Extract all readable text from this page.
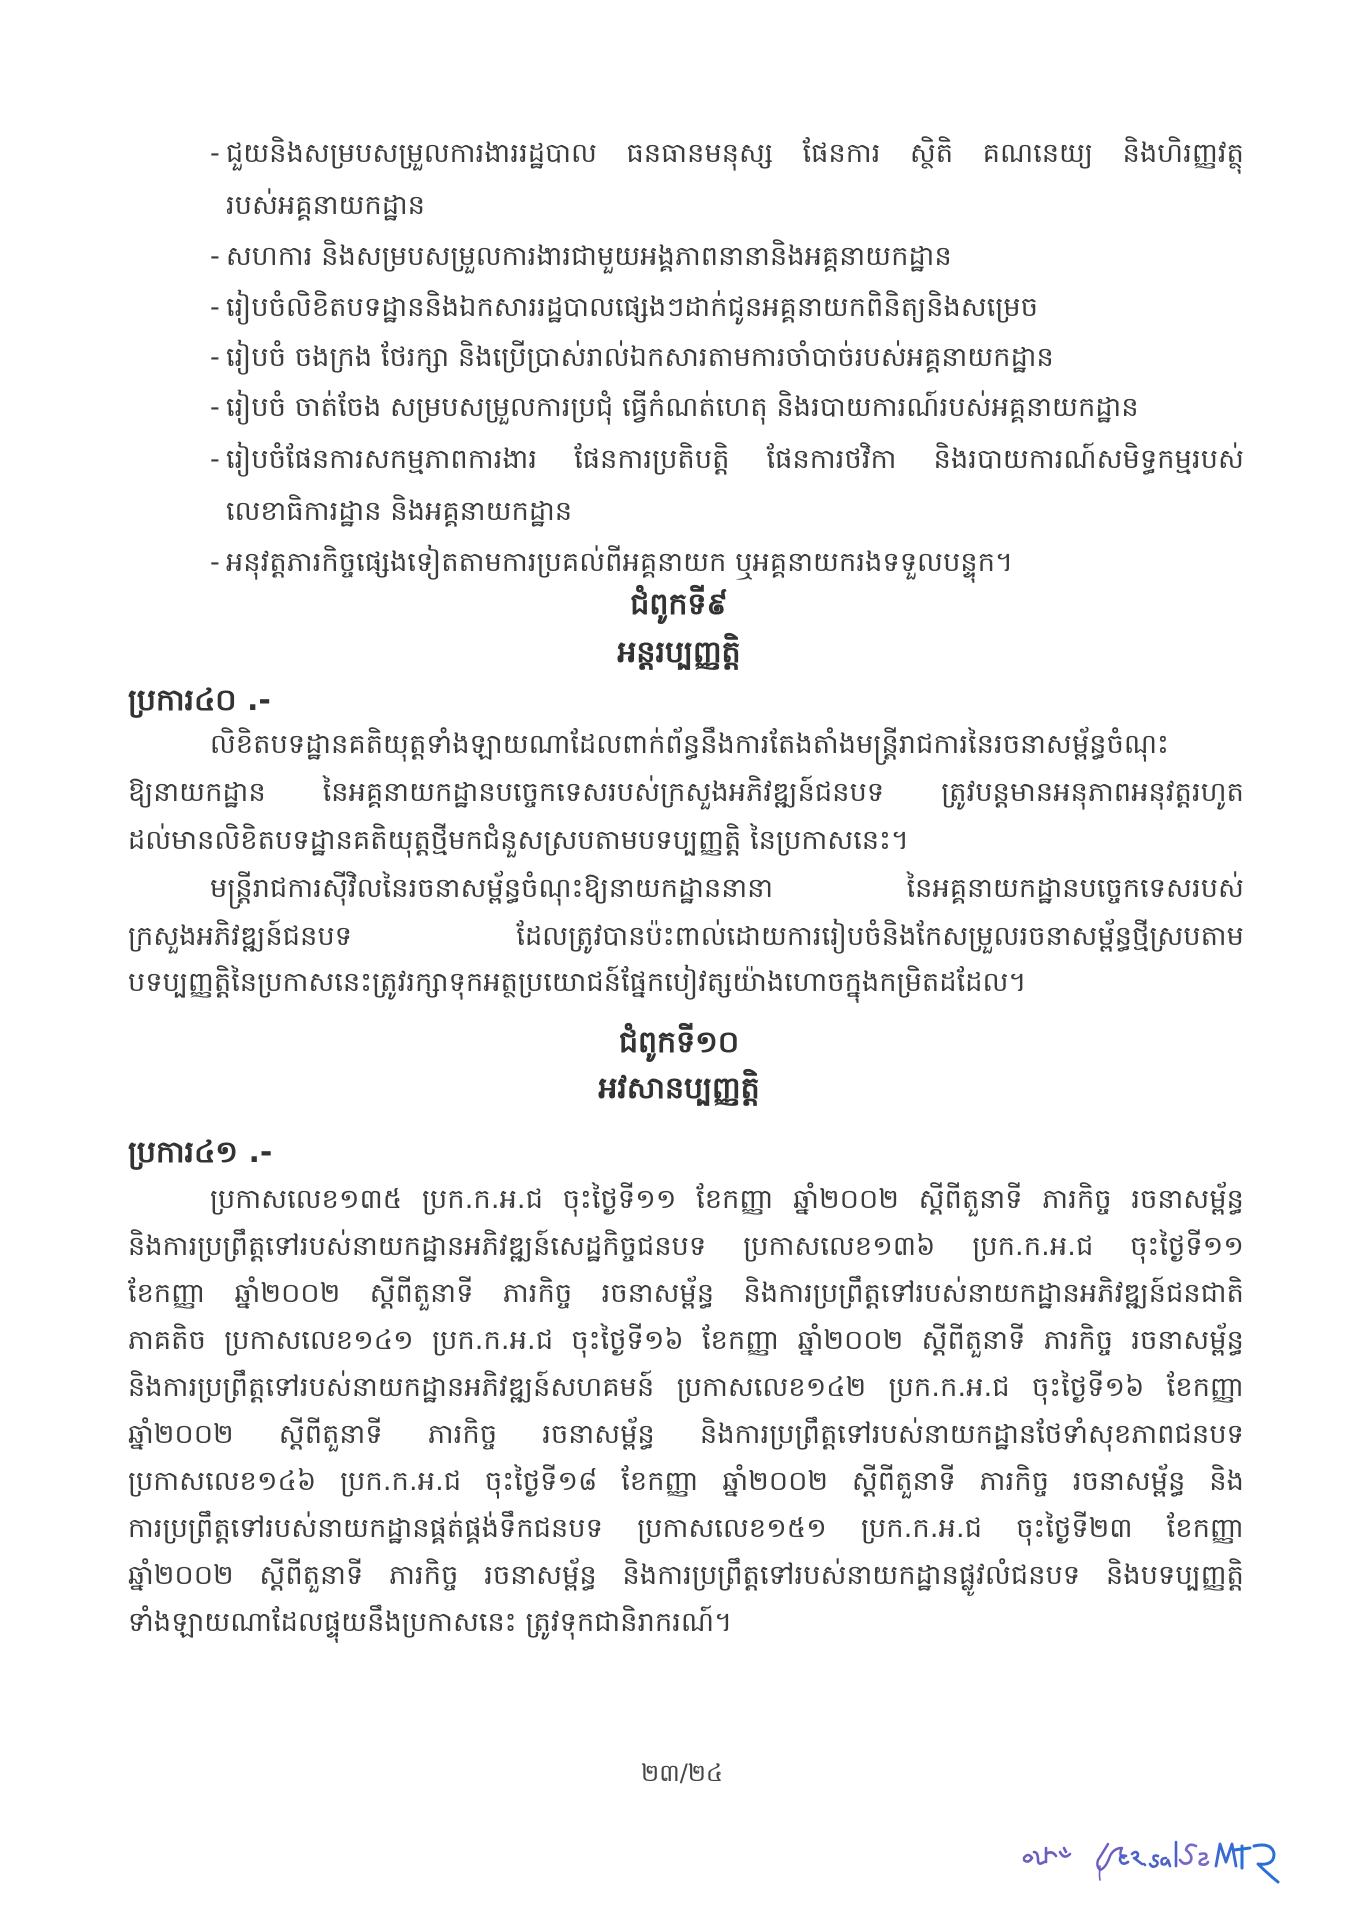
- ជួយនិងសម្របសម្រួលការងាររដ្ឋបាល ធនធានមនុស្ស ផែនការ ស្ថិតិ គណនេយ្យ និងហិរញ្ញវត្ថុ
របស់អគ្គនាយកដ្ឋាន
- សហការ និងសម្របសម្រួលការងារជាមួយអង្គភាពនានានិងអគ្គនាយកដ្ឋាន
- រៀបចំលិខិតបទដ្ឋាននិងឯកសាររដ្ឋបាលផ្សេងៗដាក់ជូនអគ្គនាយកពិនិត្យនិងសម្រេច
- រៀបចំ ចងក្រង ថែរក្សា និងប្រើប្រាស់រាល់ឯកសារតាមការចាំបាច់របស់អគ្គនាយកដ្ឋាន
- រៀបចំ ចាត់ចែង សម្របសម្រួលការប្រជុំ ធ្វើកំណត់ហេតុ និងរបាយការណ៍របស់អគ្គនាយកដ្ឋាន
- រៀបចំផែនការសកម្មភាពការងារ ផែនការប្រតិបត្តិ ផែនការថវិកា និងរបាយការណ៍សមិទ្ធកម្មរបស់
លេខាធិការដ្ឋាន និងអគ្គនាយកដ្ឋាន
- អនុវត្តភារកិច្ចផ្សេងទៀតតាមការប្រគល់ពីអគ្គនាយក ឬអគ្គនាយករងទទួលបន្ទុក។
ជំពូកទី៩
អន្តរប្បញ្ញត្តិ
ប្រការ៤០ .-
លិខិតបទដ្ឋានគតិយុត្តទាំងឡាយណាដែលពាក់ព័ន្ធនឹងការតែងតាំងមន្ត្រីរាជការនៃរចនាសម្ព័ន្ធចំណុះ
ឱ្យនាយកដ្ឋាន នៃអគ្គនាយកដ្ឋានបច្ចេកទេសរបស់ក្រសួងអភិវឌ្ឍន៍ជនបទ ត្រូវបន្តមានអនុភាពអនុវត្តរហូត
ដល់មានលិខិតបទដ្ឋានគតិយុត្តថ្មីមកជំនួសស្របតាមបទប្បញ្ញត្តិ នៃប្រកាសនេះ។
មន្ត្រីរាជការស៊ីវិលនៃរចនាសម្ព័ន្ធចំណុះឱ្យនាយកដ្ឋាននានា នៃអគ្គនាយកដ្ឋានបច្ចេកទេសរបស់
ក្រសួងអភិវឌ្ឍន៍ជនបទ ដែលត្រូវបានប៉ះពាល់ដោយការរៀបចំនិងកែសម្រួលរចនាសម្ព័ន្ធថ្មីស្របតាម
បទប្បញ្ញត្តិនៃប្រកាសនេះត្រូវរក្សាទុកអត្ថប្រយោជន៍ផ្នែកបៀវត្សយ៉ាងហោចក្នុងកម្រិតដដែល។
ជំពូកទី១០
អវសានប្បញ្ញត្តិ
ប្រការ៤១ .-
ប្រកាសលេខ១៣៥ ប្រក.ក.អ.ជ ចុះថ្ងៃទី១១ ខែកញ្ញា ឆ្នាំ២០០២ ស្តីពីតួនាទី ភារកិច្ច រចនាសម្ព័ន្ធ
និងការប្រព្រឹត្តទៅរបស់នាយកដ្ឋានអភិវឌ្ឍន៍សេដ្ឋកិច្ចជនបទ ប្រកាសលេខ១៣៦ ប្រក.ក.អ.ជ ចុះថ្ងៃទី១១
ខែកញ្ញា ឆ្នាំ២០០២ ស្តីពីតួនាទី ភារកិច្ច រចនាសម្ព័ន្ធ និងការប្រព្រឹត្តទៅរបស់នាយកដ្ឋានអភិវឌ្ឍន៍ជនជាតិ
ភាគតិច ប្រកាសលេខ១៤១ ប្រក.ក.អ.ជ ចុះថ្ងៃទី១៦ ខែកញ្ញា ឆ្នាំ២០០២ ស្តីពីតួនាទី ភារកិច្ច រចនាសម្ព័ន្ធ
និងការប្រព្រឹត្តទៅរបស់នាយកដ្ឋានអភិវឌ្ឍន៍សហគមន៍ ប្រកាសលេខ១៤២ ប្រក.ក.អ.ជ ចុះថ្ងៃទី១៦ ខែកញ្ញា
ឆ្នាំ២០០២ ស្តីពីតួនាទី ភារកិច្ច រចនាសម្ព័ន្ធ និងការប្រព្រឹត្តទៅរបស់នាយកដ្ឋានថែទាំសុខភាពជនបទ
ប្រកាសលេខ១៤៦ ប្រក.ក.អ.ជ ចុះថ្ងៃទី១៨ ខែកញ្ញា ឆ្នាំ២០០២ ស្តីពីតួនាទី ភារកិច្ច រចនាសម្ព័ន្ធ និង
ការប្រព្រឹត្តទៅរបស់នាយកដ្ឋានផ្គត់ផ្គង់ទឹកជនបទ ប្រកាសលេខ១៥១ ប្រក.ក.អ.ជ ចុះថ្ងៃទី២៣ ខែកញ្ញា
ឆ្នាំ២០០២ ស្តីពីតួនាទី ភារកិច្ច រចនាសម្ព័ន្ធ និងការប្រព្រឹត្តទៅរបស់នាយកដ្ឋានផ្លូវលំជនបទ និងបទប្បញ្ញត្តិ
ទាំងឡាយណាដែលផ្ទុយនឹងប្រកាសនេះ ត្រូវទុកជានិរាករណ៍។
២៣/២៤
